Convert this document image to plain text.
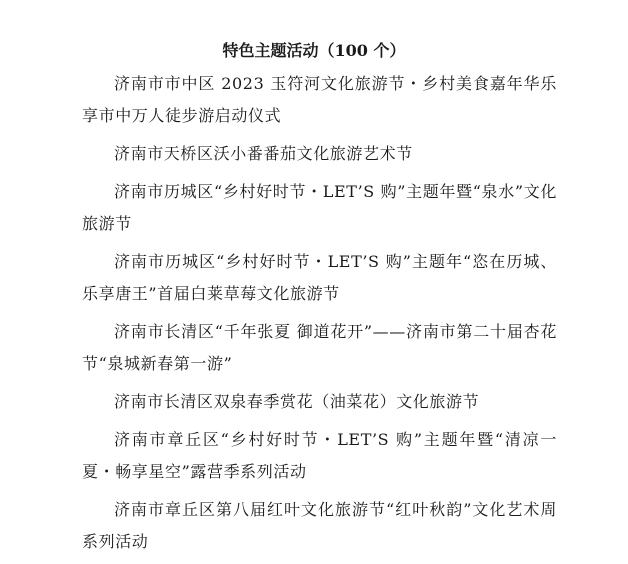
特色主题活动（100 个）
济南市市中区 2023 玉符河文化旅游节・乡村美食嘉年华乐享市中万人徒步游启动仪式
济南市天桥区沃小番番茄文化旅游艺术节
济南市历城区“乡村好时节・LET’S 购”主题年暨“泉水”文化旅游节
济南市历城区“乡村好时节・LET’S 购”主题年“恣在历城、乐享唐王”首届白莱草莓文化旅游节
济南市长清区“千年张夏 御道花开”——济南市第二十届杏花节“泉城新春第一游”
济南市长清区双泉春季赏花（油菜花）文化旅游节
济南市章丘区“乡村好时节・LET’S 购”主题年暨“清凉一夏・畅享星空”露营季系列活动
济南市章丘区第八届红叶文化旅游节“红叶秋韵”文化艺术周系列活动
